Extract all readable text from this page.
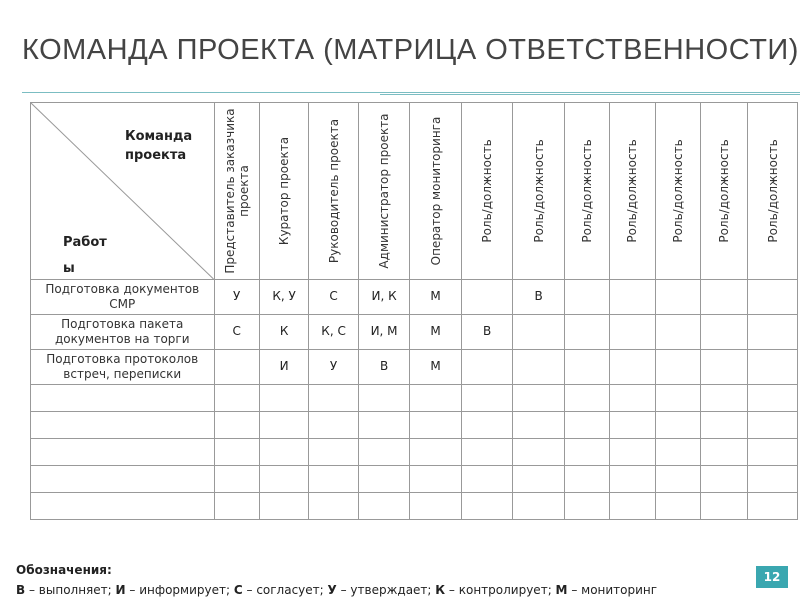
КОМАНДА ПРОЕКТА (МАТРИЦА ОТВЕТСТВЕННОСТИ)
Команда проекта
Работ ы	Представитель заказчика проекта	Куратор проекта	Руководитель проекта	Администратор проекта	Оператор мониторинга	Роль/должность	Роль/должность	Роль/должность	Роль/должность	Роль/должность	Роль/должность	Роль/должность

Подготовка документов СМР	У	К, У	С	И, К	М		В					
Подготовка пакета документов на торги	С	К	К, С	И, М	М	В						
Подготовка протоколов встреч, переписки		И	У	В	М							

Обозначения:
В – выполняет; И – информирует; С – согласует; У – утверждает; К – контролирует; М – мониторинг
12
